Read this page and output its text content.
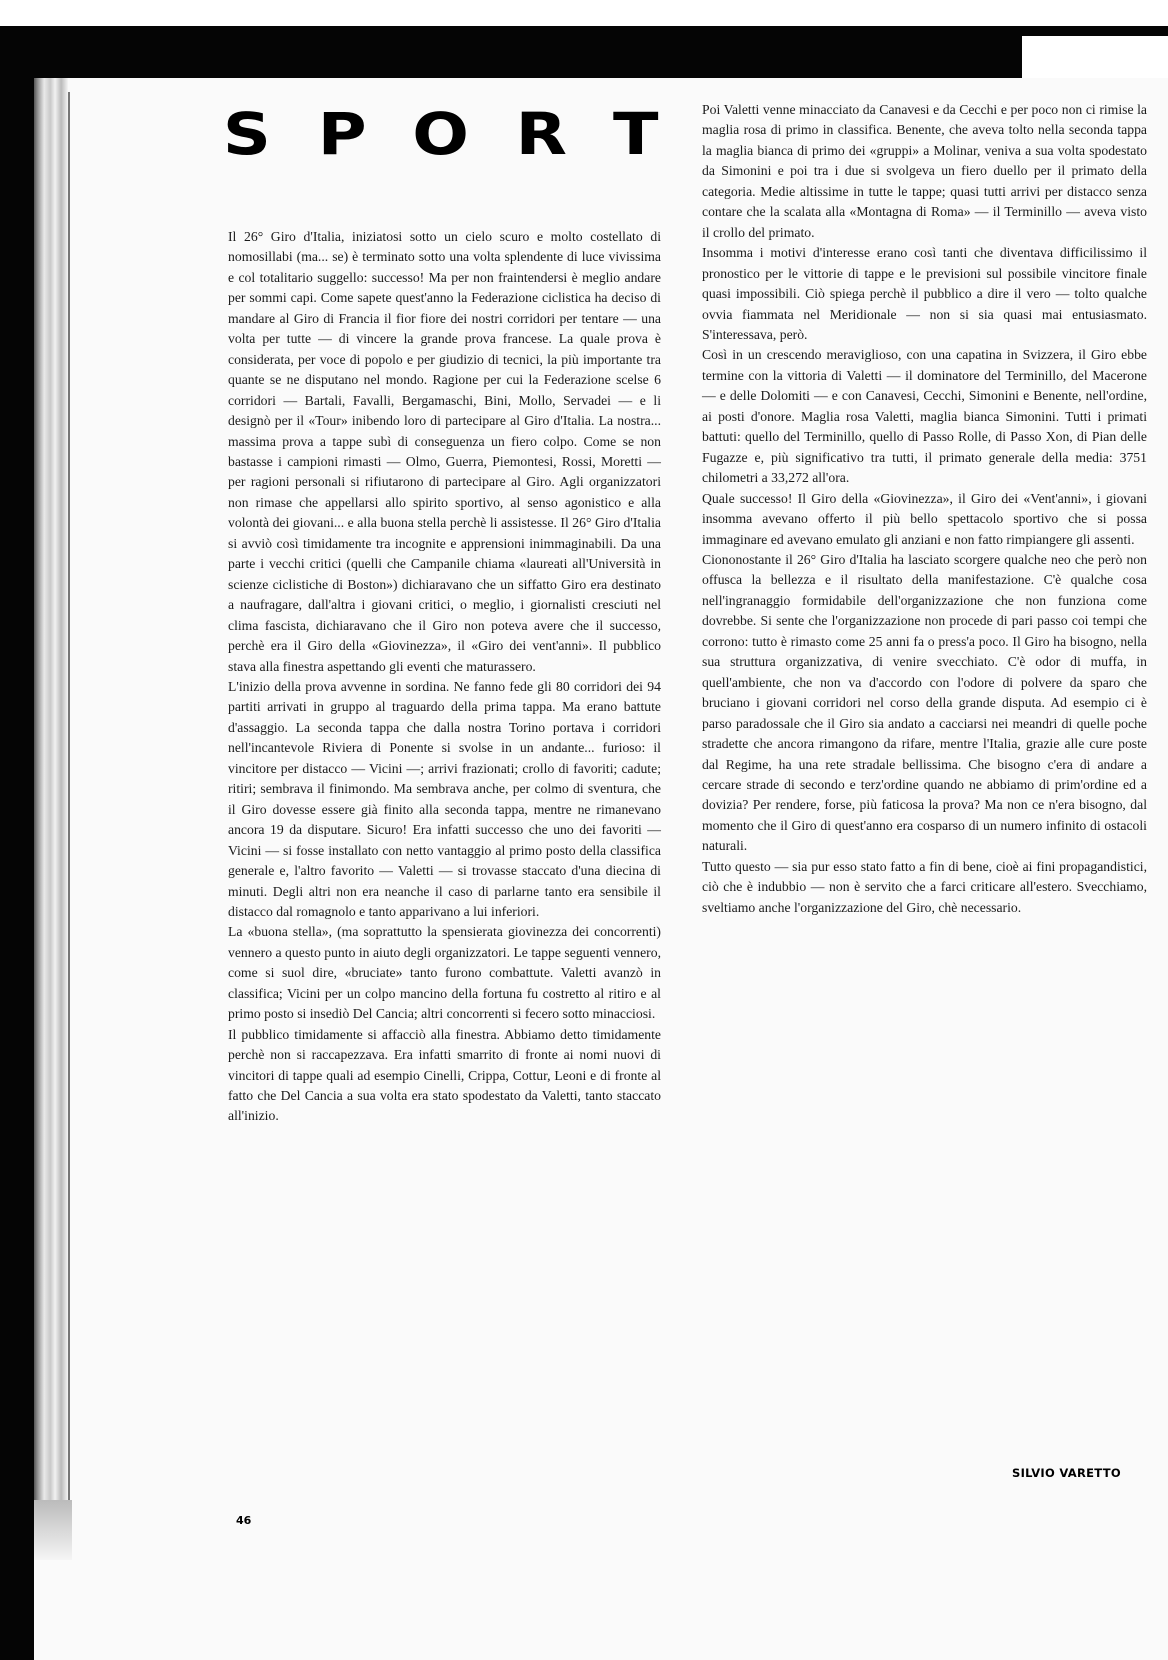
S P O R T

Il 26° Giro d'Italia, iniziatosi sotto un cielo scuro e molto costellato di nomosillabi (ma... se) è terminato sotto una volta splendente di luce vivissima e col totalitario suggello: successo! Ma per non fraintendersi è meglio andare per sommi capi. Come sapete quest'anno la Federazione ciclistica ha deciso di mandare al Giro di Francia il fior fiore dei nostri corridori per tentare — una volta per tutte — di vincere la grande prova francese. La quale prova è considerata, per voce di popolo e per giudizio di tecnici, la più importante tra quante se ne disputano nel mondo. Ragione per cui la Federazione scelse 6 corridori — Bartali, Favalli, Bergamaschi, Bini, Mollo, Servadei — e li designò per il «Tour» inibendo loro di partecipare al Giro d'Italia. La nostra... massima prova a tappe subì di conseguenza un fiero colpo. Come se non bastasse i campioni rimasti — Olmo, Guerra, Piemontesi, Rossi, Moretti — per ragioni personali si rifiutarono di partecipare al Giro. Agli organizzatori non rimase che appellarsi allo spirito sportivo, al senso agonistico e alla volontà dei giovani... e alla buona stella perchè li assistesse. Il 26° Giro d'Italia si avviò così timidamente tra incognite e apprensioni inimmaginabili. Da una parte i vecchi critici (quelli che Campanile chiama «laureati all'Università in scienze ciclistiche di Boston») dichiaravano che un siffatto Giro era destinato a naufragare, dall'altra i giovani critici, o meglio, i giornalisti cresciuti nel clima fascista, dichiaravano che il Giro non poteva avere che il successo, perchè era il Giro della «Giovinezza», il «Giro dei vent'anni». Il pubblico stava alla finestra aspettando gli eventi che maturassero.

L'inizio della prova avvenne in sordina. Ne fanno fede gli 80 corridori dei 94 partiti arrivati in gruppo al traguardo della prima tappa. Ma erano battute d'assaggio. La seconda tappa che dalla nostra Torino portava i corridori nell'incantevole Riviera di Ponente si svolse in un andante... furioso: il vincitore per distacco — Vicini —; arrivi frazionati; crollo di favoriti; cadute; ritiri; sembrava il finimondo. Ma sembrava anche, per colmo di sventura, che il Giro dovesse essere già finito alla seconda tappa, mentre ne rimanevano ancora 19 da disputare. Sicuro! Era infatti successo che uno dei favoriti — Vicini — si fosse installato con netto vantaggio al primo posto della classifica generale e, l'altro favorito — Valetti — si trovasse staccato d'una diecina di minuti. Degli altri non era neanche il caso di parlarne tanto era sensibile il distacco dal romagnolo e tanto apparivano a lui inferiori.

La «buona stella», (ma soprattutto la spensierata giovinezza dei concorrenti) vennero a questo punto in aiuto degli organizzatori. Le tappe seguenti vennero, come si suol dire, «bruciate» tanto furono combattute. Valetti avanzò in classifica; Vicini per un colpo mancino della fortuna fu costretto al ritiro e al primo posto si insediò Del Cancia; altri concorrenti si fecero sotto minacciosi.

Il pubblico timidamente si affacciò alla finestra. Abbiamo detto timidamente perchè non si raccapezzava. Era infatti smarrito di fronte ai nomi nuovi di vincitori di tappe quali ad esempio Cinelli, Crippa, Cottur, Leoni e di fronte al fatto che Del Cancia a sua volta era stato spodestato da Valetti, tanto staccato all'inizio.

Poi Valetti venne minacciato da Canavesi e da Cecchi e per poco non ci rimise la maglia rosa di primo in classifica. Benente, che aveva tolto nella seconda tappa la maglia bianca di primo dei «gruppi» a Molinar, veniva a sua volta spodestato da Simonini e poi tra i due si svolgeva un fiero duello per il primato della categoria. Medie altissime in tutte le tappe; quasi tutti arrivi per distacco senza contare che la scalata alla «Montagna di Roma» — il Terminillo — aveva visto il crollo del primato.

Insomma i motivi d'interesse erano così tanti che diventava difficilissimo il pronostico per le vittorie di tappe e le previsioni sul possibile vincitore finale quasi impossibili. Ciò spiega perchè il pubblico a dire il vero — tolto qualche ovvia fiammata nel Meridionale — non si sia quasi mai entusiasmato. S'interessava, però.

Così in un crescendo meraviglioso, con una capatina in Svizzera, il Giro ebbe termine con la vittoria di Valetti — il dominatore del Terminillo, del Macerone — e delle Dolomiti — e con Canavesi, Cecchi, Simonini e Benente, nell'ordine, ai posti d'onore. Maglia rosa Valetti, maglia bianca Simonini. Tutti i primati battuti: quello del Terminillo, quello di Passo Rolle, di Passo Xon, di Pian delle Fugazze e, più significativo tra tutti, il primato generale della media: 3751 chilometri a 33,272 all'ora.

Quale successo! Il Giro della «Giovinezza», il Giro dei «Vent'anni», i giovani insomma avevano offerto il più bello spettacolo sportivo che si possa immaginare ed avevano emulato gli anziani e non fatto rimpiangere gli assenti.

Ciononostante il 26° Giro d'Italia ha lasciato scorgere qualche neo che però non offusca la bellezza e il risultato della manifestazione. C'è qualche cosa nell'ingranaggio formidabile dell'organizzazione che non funziona come dovrebbe. Si sente che l'organizzazione non procede di pari passo coi tempi che corrono: tutto è rimasto come 25 anni fa o press'a poco. Il Giro ha bisogno, nella sua struttura organizzativa, di venire svecchiato. C'è odor di muffa, in quell'ambiente, che non va d'accordo con l'odore di polvere da sparo che bruciano i giovani corridori nel corso della grande disputa. Ad esempio ci è parso paradossale che il Giro sia andato a cacciarsi nei meandri di quelle poche stradette che ancora rimangono da rifare, mentre l'Italia, grazie alle cure poste dal Regime, ha una rete stradale bellissima. Che bisogno c'era di andare a cercare strade di secondo e terz'ordine quando ne abbiamo di prim'ordine ed a dovizia? Per rendere, forse, più faticosa la prova? Ma non ce n'era bisogno, dal momento che il Giro di quest'anno era cosparso di un numero infinito di ostacoli naturali.

Tutto questo — sia pur esso stato fatto a fin di bene, cioè ai fini propagandistici, ciò che è indubbio — non è servito che a farci criticare all'estero. Svecchiamo, sveltiamo anche l'organizzazione del Giro, chè necessario.

SILVIO VARETTO
46
